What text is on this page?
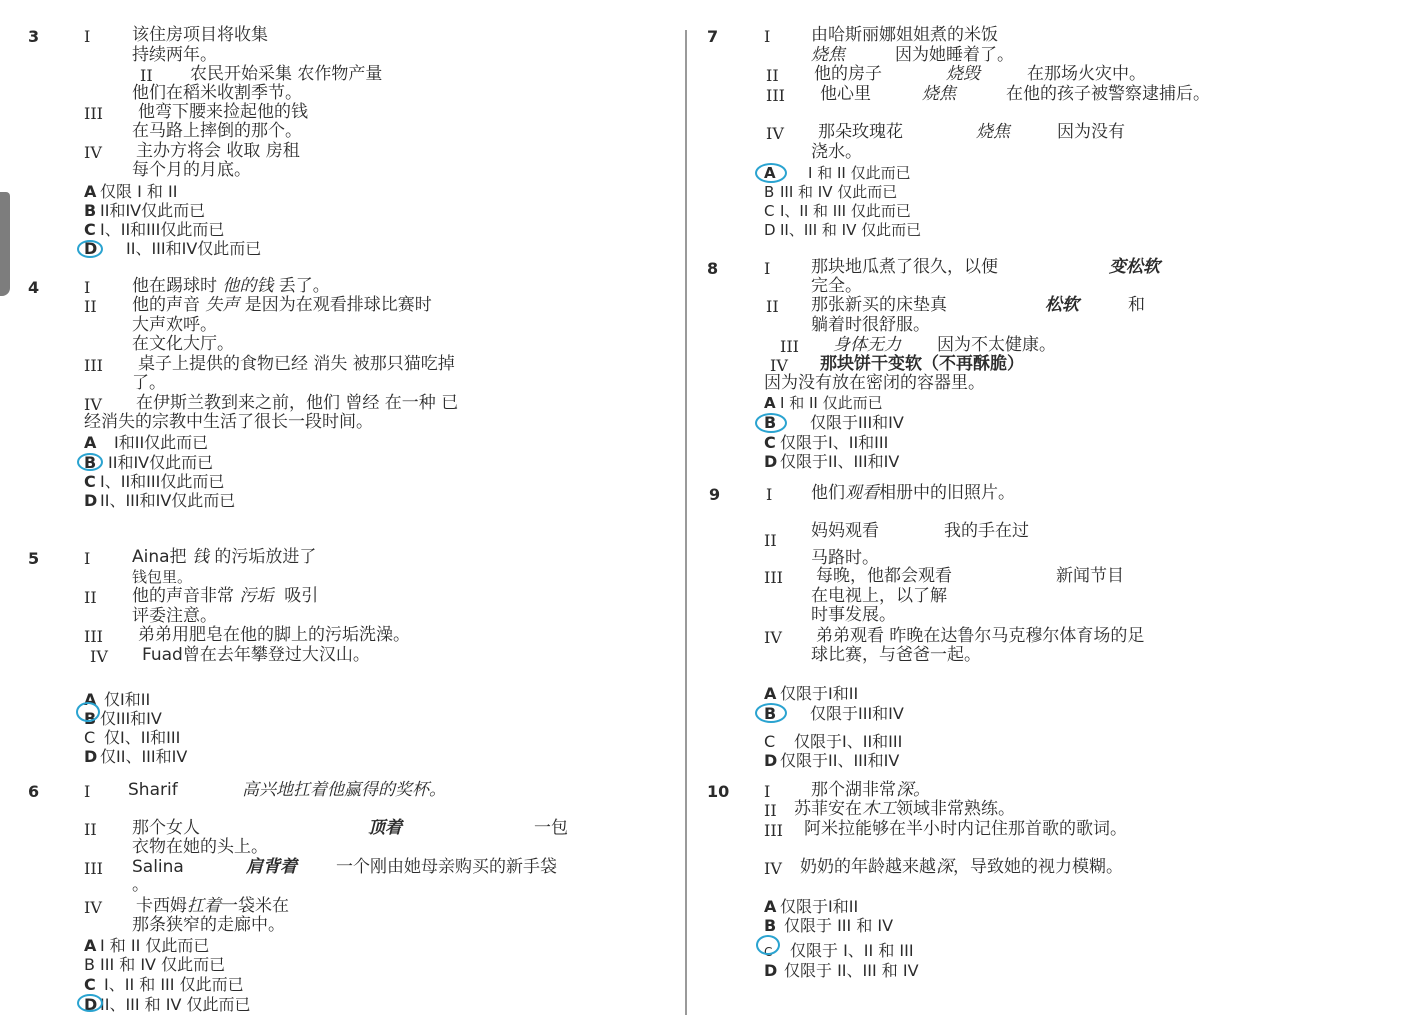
3	I 该住房项目将收集
持续两年。
II 农民开始采集 农作物产量
他们在稻米收割季节。
III 他弯下腰来捡起他的钱
在马路上摔倒的那个。
IV 主办方将会 收取 房租
每个月的月底。
A 仅限 I 和 II
B II和IV仅此而已
C I、II和III仅此而已
D II、III和IV仅此而已
4	I 他在踢球时 他的钱 丢了。
II 他的声音 失声 是因为在观看排球比赛时
大声欢呼。
在文化大厅。
III 桌子上提供的食物已经 消失 被那只猫吃掉
了。
IV 在伊斯兰教到来之前，他们 曾经 在一种 已
经消失的宗教中生活了很长一段时间。
A I和II仅此而已
B II和IV仅此而已
C I、II和III仅此而已
D II、III和IV仅此而已
5	I Aina把 钱 的污垢放进了
钱包里。
II 他的声音非常 污垢  吸引
评委注意。
III 弟弟用肥皂在他的脚上的污垢洗澡。
IV Fuad曾在去年攀登过大汉山。
A 仅I和II
B 仅III和IV
C 仅I、II和III
D 仅II、III和IV
6	I Sharif	高兴地扛着他赢得的奖杯。
II 那个女人	顶着	一包
衣物在她的头上。
III Salina	肩背着 一个刚由她母亲购买的新手袋
。
IV 卡西姆扛着一袋米在
那条狭窄的走廊中。
A I 和 II 仅此而已
B III 和 IV 仅此而已
C I、II 和 III 仅此而已
D II、III 和 IV 仅此而已
7	I 由哈斯丽娜姐姐煮的米饭
烧焦	因为她睡着了。
II 他的房子	烧毁	在那场火灾中。
III 他心里	烧焦	在他的孩子被警察逮捕后。
IV 那朵玫瑰花	烧焦	因为没有
浇水。
A I 和 II 仅此而已
B III 和 IV 仅此而已
C I、II 和 III 仅此而已
D II、III 和 IV 仅此而已
8	I 那块地瓜煮了很久，以便	变松软
完全。
II 那张新买的床垫真	松软	和
躺着时很舒服。
III 身体无力 因为不太健康。
IV 那块饼干变软（不再酥脆）
因为没有放在密闭的容器里。
A I 和 II 仅此而已
B 仅限于III和IV
C 仅限于I、II和III
D 仅限于II、III和IV
9	I 他们观看相册中的旧照片。
II 妈妈观看	我的手在过
马路时。
III 每晚，他都会观看	新闻节目
在电视上，以了解
时事发展。
IV 弟弟观看 昨晚在达鲁尔马克穆尔体育场的足
球比赛，与爸爸一起。
A 仅限于I和II
B 仅限于III和IV
C 仅限于I、II和III
D 仅限于II、III和IV
10 I 那个湖非常深。
II 苏菲安在木工领域非常熟练。
III 阿米拉能够在半小时内记住那首歌的歌词。
IV 奶奶的年龄越来越深，导致她的视力模糊。
A 仅限于I和II
B 仅限于 III 和 IV
C 仅限于 I、II 和 III
D 仅限于 II、III 和 IV
